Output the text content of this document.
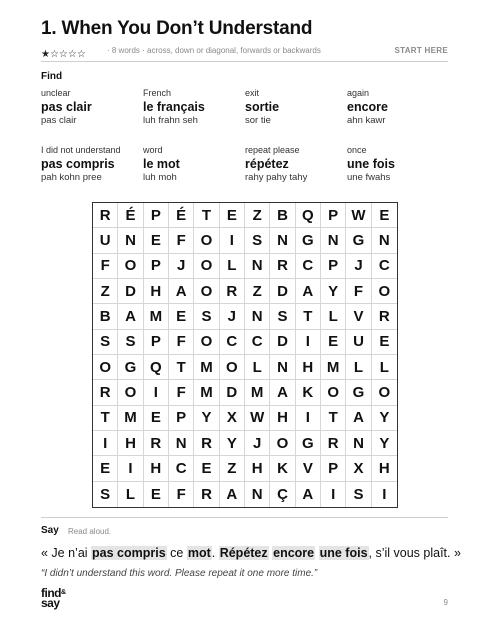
1. When You Don’t Understand
★☆☆☆☆	· 8 words · across, down or diagonal, forwards or backwards	START HERE
Find
unclear
pas clair
pas clair
French
le français
luh frahn seh
exit
sortie
sor tie
again
encore
ahn kawr
I did not understand
pas compris
pah kohn pree
word
le mot
luh moh
repeat please
répétez
rahy pahy tahy
once
une fois
une fwahs
R É	P	É	T	E	Z	B Q P W E
U N E	F O	I	S N G N G N
F O P	J	O L	N R C P	J	C
Z	D H A O R	Z	D A Y	F	O
B A M E	S	J	N S	T	L	V	R
S	S	P	F O C C D	I	E U	E
O G Q T M O L	N H M L	L
R O	I	F M D M A K O G O
T M E	P	Y	X W H	I	T	A	Y
I	H R N R Y	J	O G R N	Y
E	I	H C E	Z	H K V	P	X	H
S	L	E	F	R A N Ç A	I	S	I
Say Read aloud.
« Je n’ai pas compris ce mot. Répétez encore une fois, s’il vous plaît. »
“I didn’t understand this word. Please repeat it one more time.”
find&
say	9
